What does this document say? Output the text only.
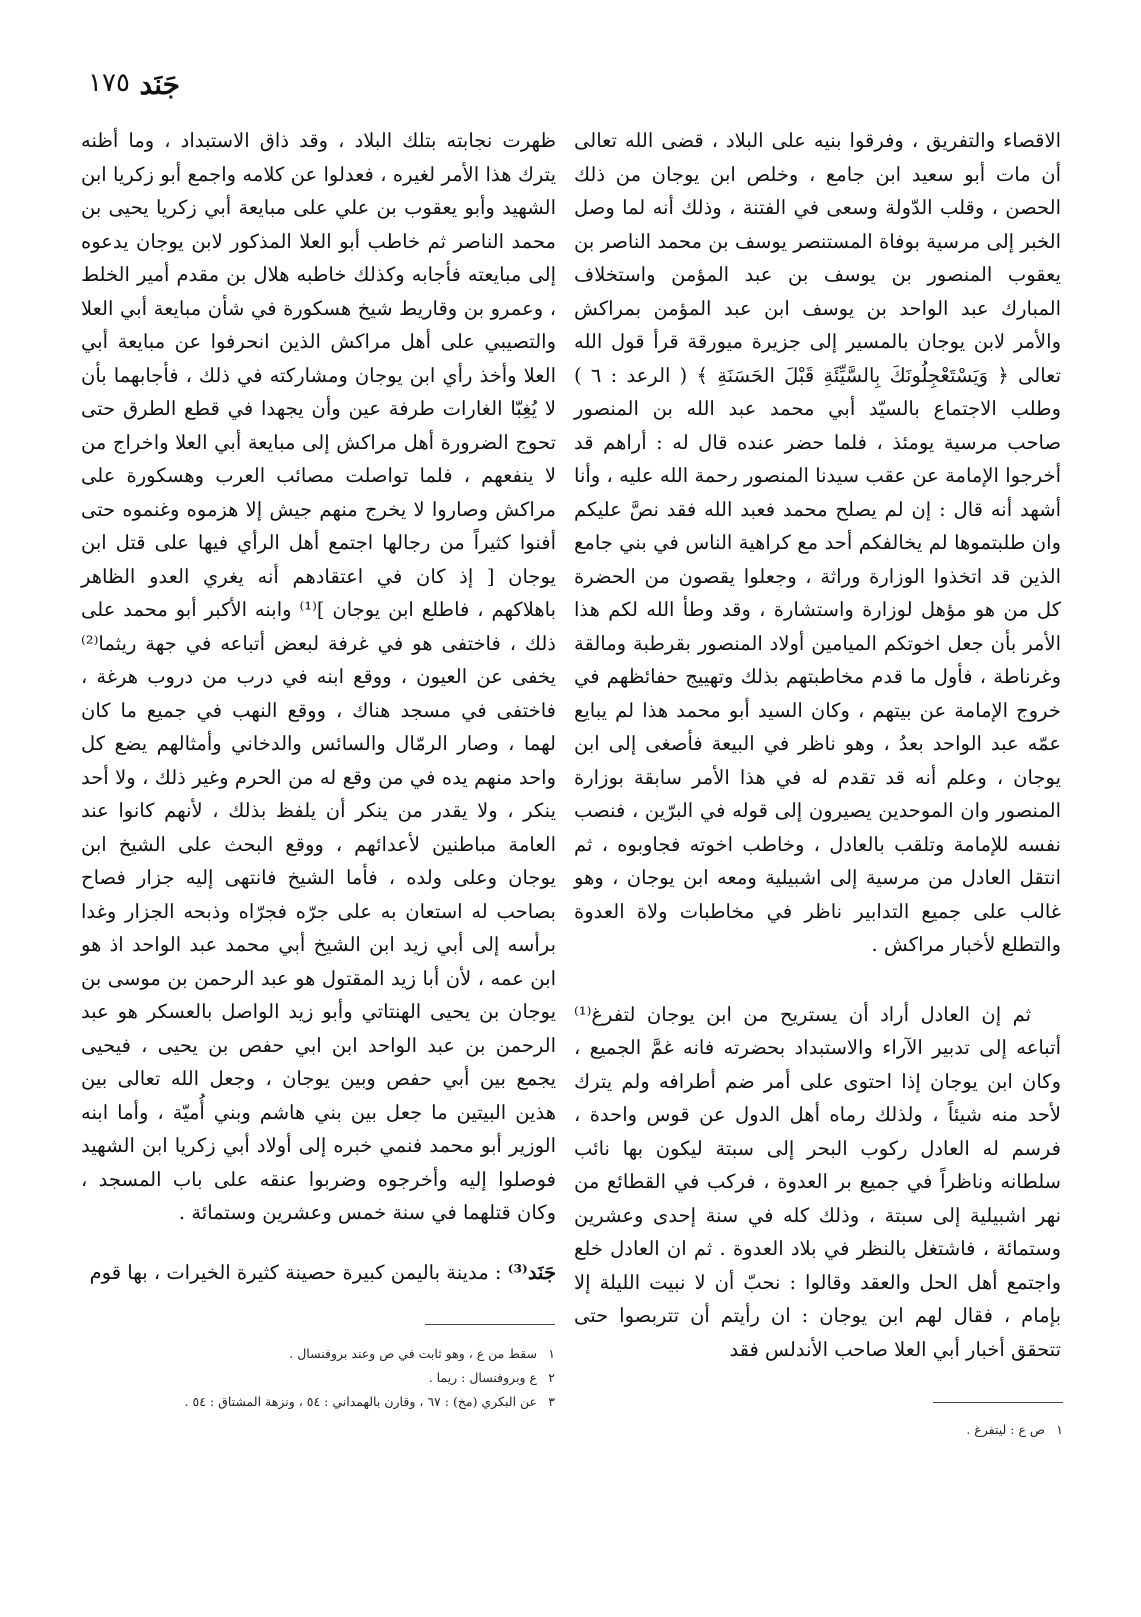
جَنَد
١٧٥

الاقصاء والتفريق ، وفرقوا بنيه على البلاد ، قضى الله تعالى أن مات أبو سعيد ابن جامع ، وخلص ابن يوجان من ذلك الحصن ، وقلب الدّولة وسعى في الفتنة ، وذلك أنه لما وصل الخبر إلى مرسية بوفاة المستنصر يوسف بن محمد الناصر بن يعقوب المنصور بن يوسف بن عبد المؤمن واستخلاف المبارك عبد الواحد بن يوسف ابن عبد المؤمن بمراكش والأمر لابن يوجان بالمسير إلى جزيرة ميورقة قرأ قول الله تعالى ﴿ وَيَسْتَعْجِلُونَكَ بِالسَّيِّئَةِ قَبْلَ الحَسَنَةِ ﴾ ( الرعد : ٦ ) وطلب الاجتماع بالسيّد أبي محمد عبد الله بن المنصور صاحب مرسية يومئذ ، فلما حضر عنده قال له : أراهم قد أخرجوا الإمامة عن عقب سيدنا المنصور رحمة الله عليه ، وأنا أشهد أنه قال : إن لم يصلح محمد فعبد الله فقد نصَّ عليكم وان طلبتموها لم يخالفكم أحد مع كراهية الناس في بني جامع الذين قد اتخذوا الوزارة وراثة ، وجعلوا يقصون من الحضرة كل من هو مؤهل لوزارة واستشارة ، وقد وطأ الله لكم هذا الأمر بأن جعل اخوتكم الميامين أولاد المنصور بقرطبة ومالقة وغرناطة ، فأول ما قدم مخاطبتهم بذلك وتهييج حفائظهم في خروج الإمامة عن بيتهم ، وكان السيد أبو محمد هذا لم يبايع عمّه عبد الواحد بعدُ ، وهو ناظر في البيعة فأصغى إلى ابن يوجان ، وعلم أنه قد تقدم له في هذا الأمر سابقة بوزارة المنصور وان الموحدين يصيرون إلى قوله في البرّين ، فنصب نفسه للإمامة وتلقب بالعادل ، وخاطب اخوته فجاوبوه ، ثم انتقل العادل من مرسية إلى اشبيلية ومعه ابن يوجان ، وهو غالب على جميع التدابير ناظر في مخاطبات ولاة العدوة والتطلع لأخبار مراكش .

ثم إن العادل أراد أن يستريح من ابن يوجان لتفرغ⁽¹⁾ أتباعه إلى تدبير الآراء والاستبداد بحضرته فانه غمَّ الجميع ، وكان ابن يوجان إذا احتوى على أمر ضم أطرافه ولم يترك لأحد منه شيئاً ، ولذلك رماه أهل الدول عن قوس واحدة ، فرسم له العادل ركوب البحر إلى سبتة ليكون بها نائب سلطانه وناظراً في جميع بر العدوة ، فركب في القطائع من نهر اشبيلية إلى سبتة ، وذلك كله في سنة إحدى وعشرين وستمائة ، فاشتغل بالنظر في بلاد العدوة . ثم ان العادل خلع واجتمع أهل الحل والعقد وقالوا : نحبّ أن لا نبيت الليلة إلا بإمام ، فقال لهم ابن يوجان : ان رأيتم أن تتربصوا حتى تتحقق أخبار أبي العلا صاحب الأندلس فقد

ظهرت نجابته بتلك البلاد ، وقد ذاق الاستبداد ، وما أظنه يترك هذا الأمر لغيره ، فعدلوا عن كلامه واجمع أبو زكريا ابن الشهيد وأبو يعقوب بن علي على مبايعة أبي زكريا يحيى بن محمد الناصر ثم خاطب أبو العلا المذكور لابن يوجان يدعوه إلى مبايعته فأجابه وكذلك خاطبه هلال بن مقدم أمير الخلط ، وعمرو بن وقاريط شيخ هسكورة في شأن مبايعة أبي العلا والتصيبي على أهل مراكش الذين انحرفوا عن مبايعة أبي العلا وأخذ رأي ابن يوجان ومشاركته في ذلك ، فأجابهما بأن لا يُغِبّا الغارات طرفة عين وأن يجهدا في قطع الطرق حتى تحوج الضرورة أهل مراكش إلى مبايعة أبي العلا واخراج من لا ينفعهم ، فلما تواصلت مصائب العرب وهسكورة على مراكش وصاروا لا يخرج منهم جيش إلا هزموه وغنموه حتى أفنوا كثيراً من رجالها اجتمع أهل الرأي فيها على قتل ابن يوجان [ إذ كان في اعتقادهم أنه يغري العدو الظاهر باهلاكهم ، فاطلع ابن يوجان ]⁽¹⁾ وابنه الأكبر أبو محمد على ذلك ، فاختفى هو في غرفة لبعض أتباعه في جهة ريثما⁽²⁾ يخفى عن العيون ، ووقع ابنه في درب من دروب هرغة ، فاختفى في مسجد هناك ، ووقع النهب في جميع ما كان لهما ، وصار الرمّال والسائس والدخاني وأمثالهم يضع كل واحد منهم يده في من وقع له من الحرم وغير ذلك ، ولا أحد ينكر ، ولا يقدر من ينكر أن يلفظ بذلك ، لأنهم كانوا عند العامة مباطنين لأعدائهم ، ووقع البحث على الشيخ ابن يوجان وعلى ولده ، فأما الشيخ فانتهى إليه جزار فصاح بصاحب له استعان به على جرّه فجرّاه وذبحه الجزار وغدا برأسه إلى أبي زيد ابن الشيخ أبي محمد عبد الواحد اذ هو ابن عمه ، لأن أبا زيد المقتول هو عبد الرحمن بن موسى بن يوجان بن يحيى الهنتاتي وأبو زيد الواصل بالعسكر هو عبد الرحمن بن عبد الواحد ابن ابي حفص بن يحيى ، فيحيى يجمع بين أبي حفص وبين يوجان ، وجعل الله تعالى بين هذين البيتين ما جعل بين بني هاشم وبني أُميّة ، وأما ابنه الوزير أبو محمد فنمي خبره إلى أولاد أبي زكريا ابن الشهيد فوصلوا إليه وأخرجوه وضربوا عنقه على باب المسجد ، وكان قتلهما في سنة خمس وعشرين وستمائة .

جَنَد⁽³⁾ : مدينة باليمن كبيرة حصينة كثيرة الخيرات ، بها قوم

١ سقط من ع ، وهو ثابت في ص وعند بروفنسال .

٢ ع وبروفنسال : ريما .

٣ عن البكري (مخ) : ٦٧ ، وقارن بالهمداني : ٥٤ ، ونزهة المشتاق : ٥٤ .

١ ص ع : ليتفرغ .
